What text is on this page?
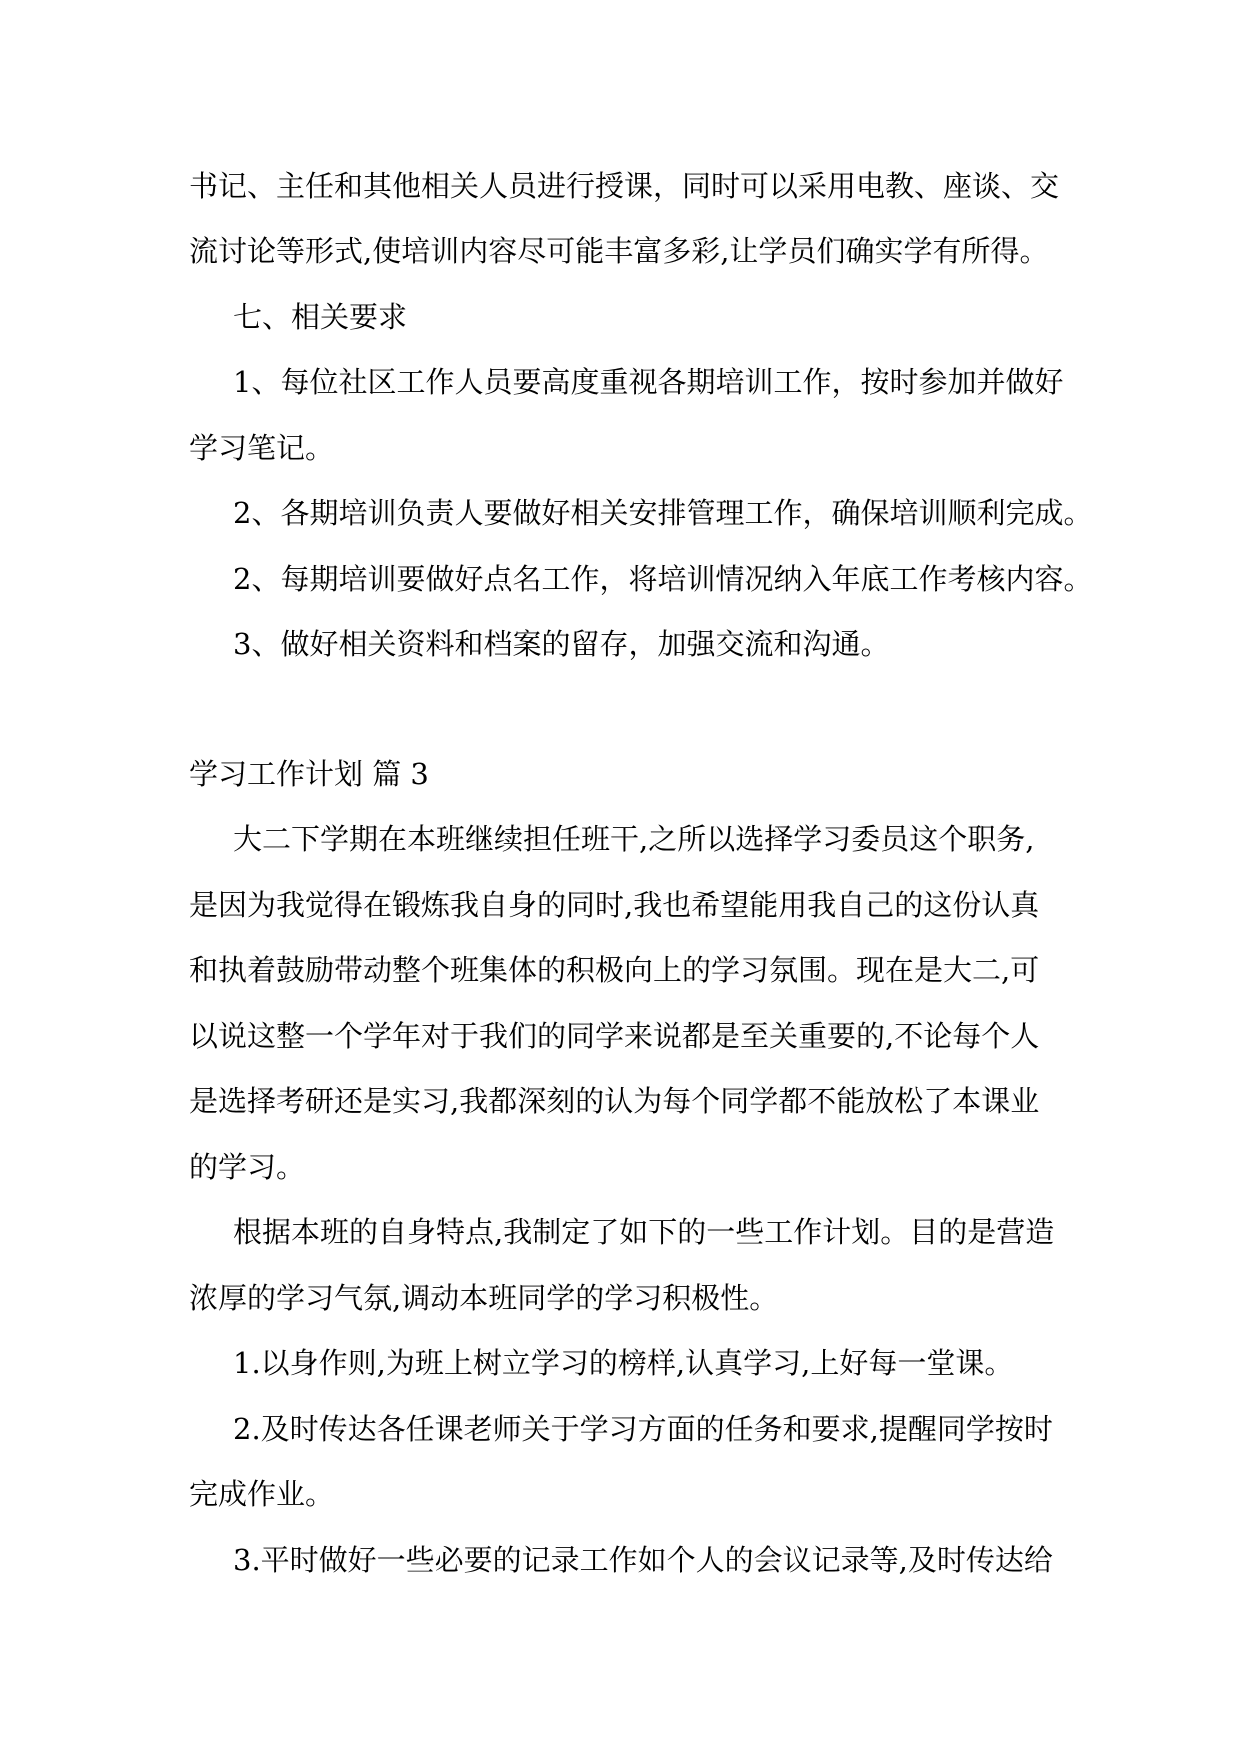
书记、主任和其他相关人员进行授课，同时可以采用电教、座谈、交
流讨论等形式,使培训内容尽可能丰富多彩,让学员们确实学有所得。
七、相关要求
1、每位社区工作人员要高度重视各期培训工作，按时参加并做好
学习笔记。
2、各期培训负责人要做好相关安排管理工作，确保培训顺利完成。
2、每期培训要做好点名工作，将培训情况纳入年底工作考核内容。
3、做好相关资料和档案的留存，加强交流和沟通。
学习工作计划 篇 3
大二下学期在本班继续担任班干,之所以选择学习委员这个职务,
是因为我觉得在锻炼我自身的同时,我也希望能用我自己的这份认真
和执着鼓励带动整个班集体的积极向上的学习氛围。现在是大二,可
以说这整一个学年对于我们的同学来说都是至关重要的,不论每个人
是选择考研还是实习,我都深刻的认为每个同学都不能放松了本课业
的学习。
根据本班的自身特点,我制定了如下的一些工作计划。目的是营造
浓厚的学习气氛,调动本班同学的学习积极性。
1.以身作则,为班上树立学习的榜样,认真学习,上好每一堂课。
2.及时传达各任课老师关于学习方面的任务和要求,提醒同学按时
完成作业。
3.平时做好一些必要的记录工作如个人的会议记录等,及时传达给
